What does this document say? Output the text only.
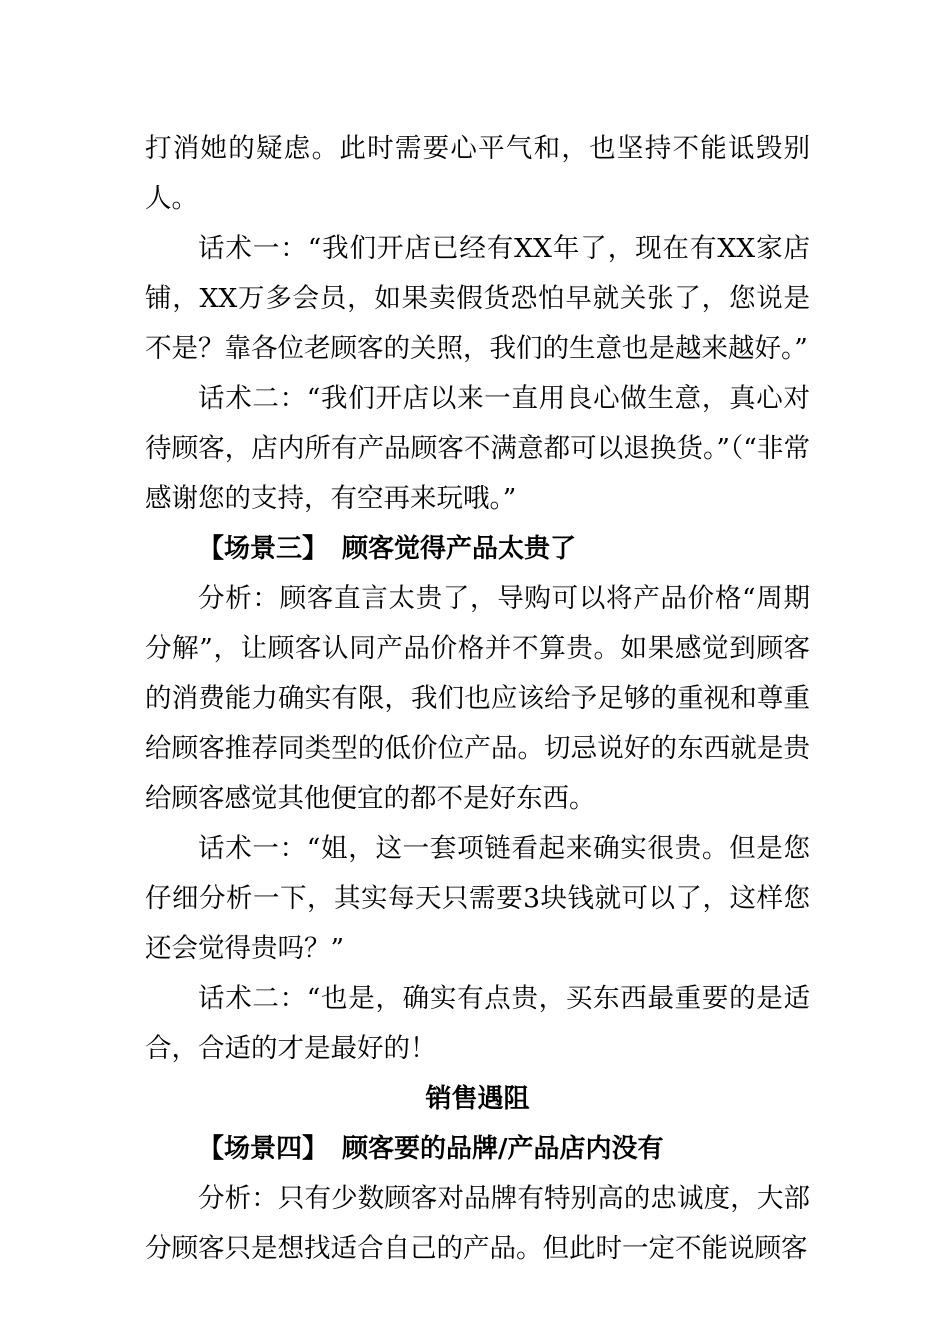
打消她的疑虑。此时需要心平气和，也坚持不能诋毁别人。

话术一：“我们开店已经有XX年了，现在有XX家店铺，XX万多会员，如果卖假货恐怕早就关张了，您说是不是？靠各位老顾客的关照，我们的生意也是越来越好。”

话术二：“我们开店以来一直用良心做生意，真心对待顾客，店内所有产品顾客不满意都可以退换货。”（“非常感谢您的支持，有空再来玩哦。”

【场景三】 顾客觉得产品太贵了

分析：顾客直言太贵了，导购可以将产品价格“周期分解”，让顾客认同产品价格并不算贵。如果感觉到顾客的消费能力确实有限，我们也应该给予足够的重视和尊重给顾客推荐同类型的低价位产品。切忌说好的东西就是贵给顾客感觉其他便宜的都不是好东西。

话术一：“姐，这一套项链看起来确实很贵。但是您仔细分析一下，其实每天只需要3块钱就可以了，这样您还会觉得贵吗？”

话术二：“也是，确实有点贵，买东西最重要的是适合，合适的才是最好的！

销售遇阻

【场景四】 顾客要的品牌/产品店内没有

分析：只有少数顾客对品牌有特别高的忠诚度，大部分顾客只是想找适合自己的产品。但此时一定不能说顾客
